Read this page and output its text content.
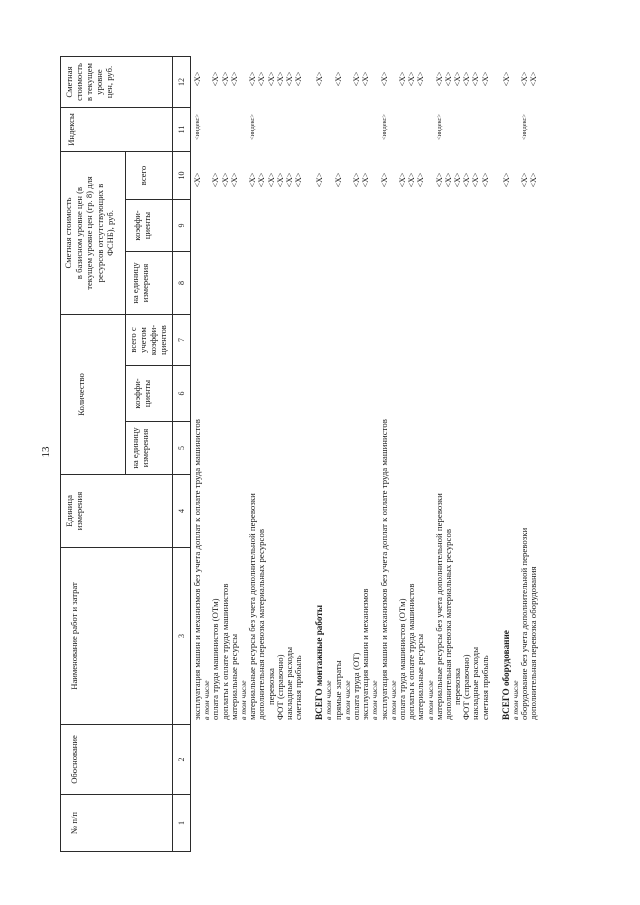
13
№ п/п
Обоснование
Наименование работ и затрат
Единица
измерения
Количество
на единицу
измерения
коэффи-
циенты
всего с
учетом
коэффи-
циентов
Сметная стоимость
в базисном уровне цен (в
текущем уровне цен (гр. 8) для
ресурсов отсутствующих в
ФСНБ), руб.
на единицу
измерения
коэффи-
циенты
всего
Индексы
Сметная
стоимость
в текущем
уровне
цен, руб.
1
2
3
4
5
6
7
8
9
10
11
12
эксплуатация машин и механизмов без учета доплат к оплате труда машинистов
<Х>
<индекс>
<Х>
в том числе оплата труда машинистов (ОТм)
<Х>
<Х>
доплаты к оплате труда машинистов
<Х>
<Х>
материальные ресурсы
<Х>
<Х>
в том числе материальные ресурсы без учета дополнительной перевозки
<Х>
<индекс>
<Х>
дополнительная перевозка материальных ресурсов
<Х>
<Х>
перевозка
<Х>
<Х>
ФОТ (справочно)
<Х>
<Х>
накладные расходы
<Х>
<Х>
сметная прибыль
<Х>
<Х>
ВСЕГО монтажные работы
<Х>
<Х>
в том числе прямые затраты
<Х>
<Х>
в том числе оплата труда (ОТ)
<Х>
<Х>
эксплуатация машин и механизмов
<Х>
<Х>
в том числе эксплуатация машин и механизмов без учета доплат к оплате труда машинистов
<Х>
<индекс>
<Х>
в том числе оплата труда машинистов (ОТм)
<Х>
<Х>
доплаты к оплате труда машинистов
<Х>
<Х>
материальные ресурсы
<Х>
<Х>
в том числе материальные ресурсы без учета дополнительной перевозки
<Х>
<индекс>
<Х>
дополнительная перевозка материальных ресурсов
<Х>
<Х>
перевозка
<Х>
<Х>
ФОТ (справочно)
<Х>
<Х>
накладные расходы
<Х>
<Х>
сметная прибыль
<Х>
<Х>
ВСЕГО оборудование
<Х>
<Х>
в том числе оборудование без учета дополнительной перевозки
<Х>
<индекс>
<Х>
дополнительная перевозка оборудования
<Х>
<Х>
